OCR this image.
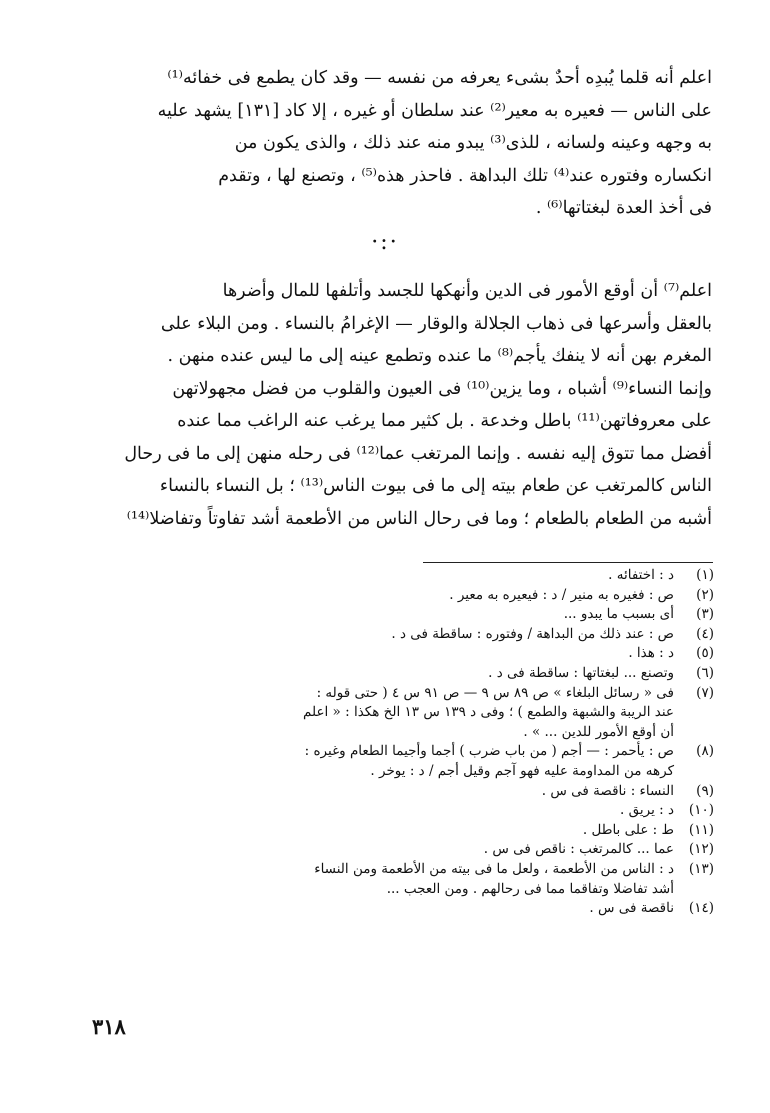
اعلم أنه قلما يُبدِه أحدٌ بشىء يعرفه من نفسه — وقد كان يطمع فى خفائه⁽¹⁾
على الناس — فعيره به معير⁽²⁾ عند سلطان أو غيره ، إلا كاد [١٣١] يشهد عليه
به وجهه وعينه ولسانه ، للذى⁽³⁾ يبدو منه عند ذلك ، والذى يكون من
انكساره وفتوره عند⁽⁴⁾ تلك البداهة . فاحذر هذه⁽⁵⁾ ، وتصنع لها ، وتقدم
فى أخذ العدة لبغتاتها⁽⁶⁾ .
·:·
اعلم⁽⁷⁾ أن أوقع الأمور فى الدين وأنهكها للجسد وأتلفها للمال وأضرها
بالعقل وأسرعها فى ذهاب الجلالة والوقار — الإغرامُ بالنساء . ومن البلاء على
المغرم بهن أنه لا ينفك يأجم⁽⁸⁾ ما عنده وتطمع عينه إلى ما ليس عنده منهن .
وإنما النساء⁽⁹⁾ أشباه ، وما يزين⁽¹⁰⁾ فى العيون والقلوب من فضل مجهولاتهن
على معروفاتهن⁽¹¹⁾ باطل وخدعة . بل كثير مما يرغب عنه الراغب مما عنده
أفضل مما تتوق إليه نفسه . وإنما المرتغب عما⁽¹²⁾ فى رحله منهن إلى ما فى رحال
الناس كالمرتغب عن طعام بيته إلى ما فى بيوت الناس⁽¹³⁾ ؛ بل النساء بالنساء
أشبه من الطعام بالطعام ؛ وما فى رحال الناس من الأطعمة أشد تفاوتاً وتفاضلا⁽¹⁴⁾
(١)
د : اختفائه .
(٢)
ص : فغيره به منير / د : فيعيره به معير .
(٣)
أى بسبب ما يبدو ...
(٤)
ص : عند ذلك من البداهة / وفتوره : ساقطة فى د .
(٥)
د : هذا .
(٦)
وتصنع ... لبغتاتها : ساقطة فى د .
(٧)
فى « رسائل البلغاء » ص ٨٩ س ٩ — ص ٩١ س ٤ ( حتى قوله :
عند الريبة والشبهة والطمع ) ؛ وفى د ١٣٩ س ١٣ الخ هكذا : « اعلم
أن أوقع الأمور للدين ... » .
(٨)
ص : يأحمر : — أجم ( من باب ضرب ) أجما وأجيما الطعام وغيره :
كرهه من المداومة عليه فهو آجم وقيل أجم / د : يوخر .
(٩)
النساء : ناقصة فى س .
(١٠)
د : يريق .
(١١)
ط : على باطل .
(١٢)
عما ... كالمرتغب : ناقص فى س .
(١٣)
د : الناس من الأطعمة ، ولعل ما فى بيته من الأطعمة ومن النساء
أشد تفاضلا وتفاقما مما فى رحالهم . ومن العجب ...
(١٤)
ناقصة فى س .
٣١٨
